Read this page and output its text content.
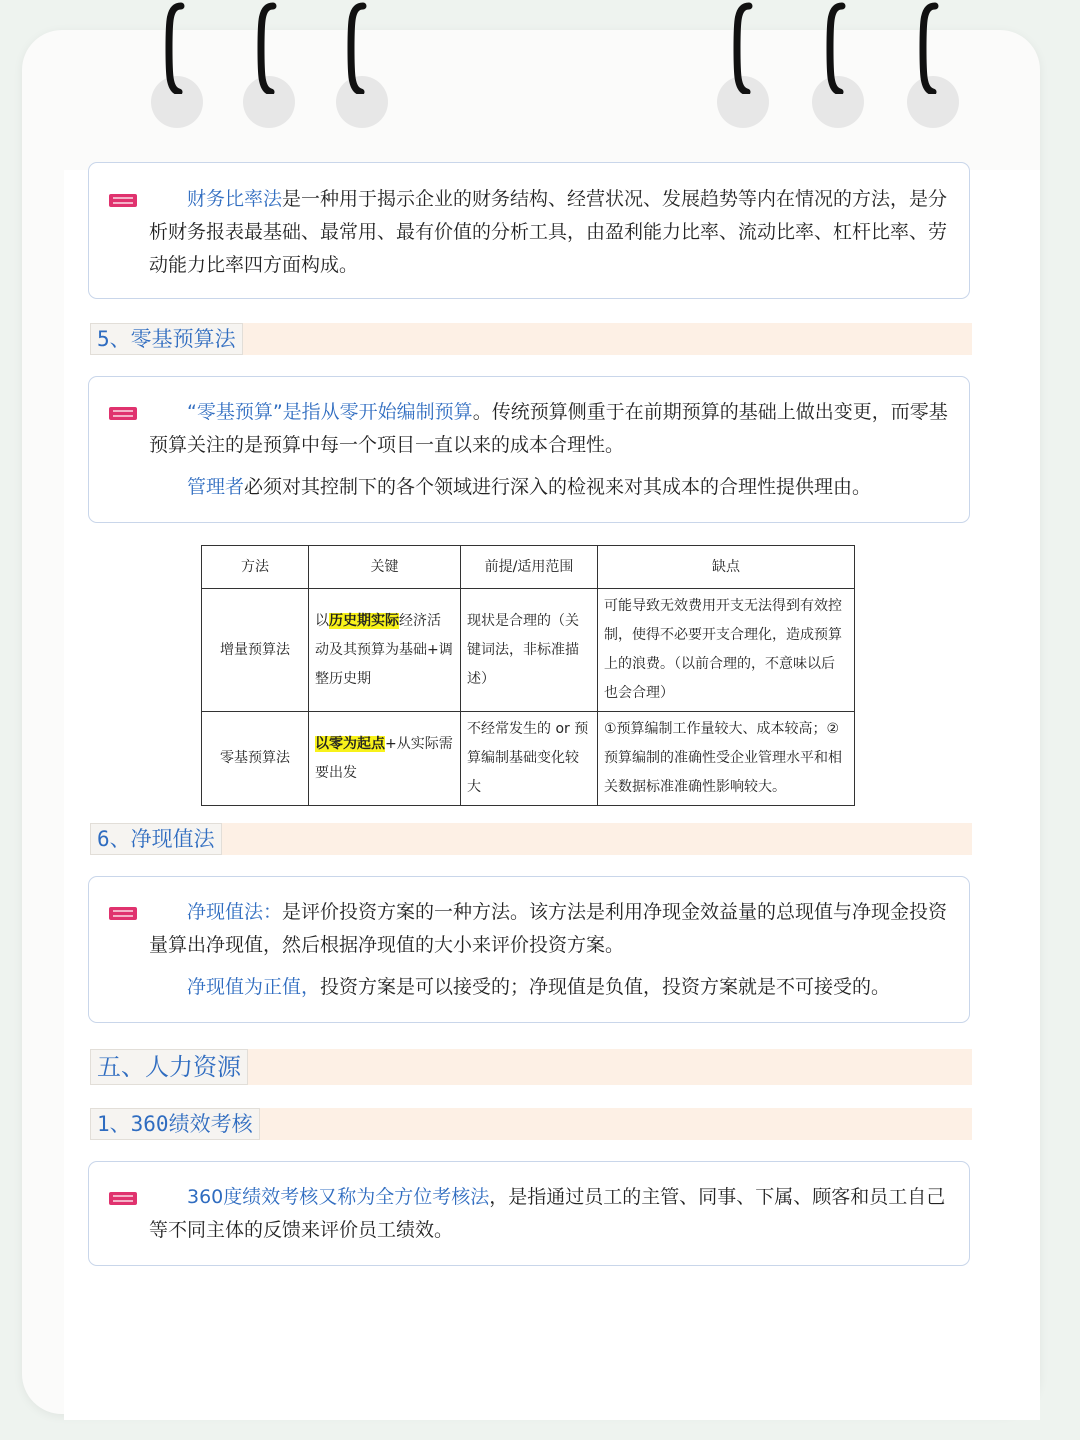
财务比率法是一种用于揭示企业的财务结构、经营状况、发展趋势等内在情况的方法，是分析财务报表最基础、最常用、最有价值的分析工具，由盈利能力比率、流动比率、杠杆比率、劳动能力比率四方面构成。
5、零基预算法
“零基预算”是指从零开始编制预算。传统预算侧重于在前期预算的基础上做出变更，而零基预算关注的是预算中每一个项目一直以来的成本合理性。
管理者必须对其控制下的各个领域进行深入的检视来对其成本的合理性提供理由。
方法	关键	前提/适用范围	缺点
增量预算法	以历史期实际经济活动及其预算为基础+调整历史期	现状是合理的（关键词法，非标准描述）	可能导致无效费用开支无法得到有效控制，使得不必要开支合理化，造成预算上的浪费。（以前合理的，不意味以后也会合理）
零基预算法	以零为起点+从实际需要出发	不经常发生的 or 预算编制基础变化较大	①预算编制工作量较大、成本较高；②预算编制的准确性受企业管理水平和相关数据标准准确性影响较大。
6、净现值法
净现值法：是评价投资方案的一种方法。该方法是利用净现金效益量的总现值与净现金投资量算出净现值，然后根据净现值的大小来评价投资方案。
净现值为正值，投资方案是可以接受的；净现值是负值，投资方案就是不可接受的。
五、人力资源
1、360绩效考核
360度绩效考核又称为全方位考核法，是指通过员工的主管、同事、下属、顾客和员工自己等不同主体的反馈来评价员工绩效。
